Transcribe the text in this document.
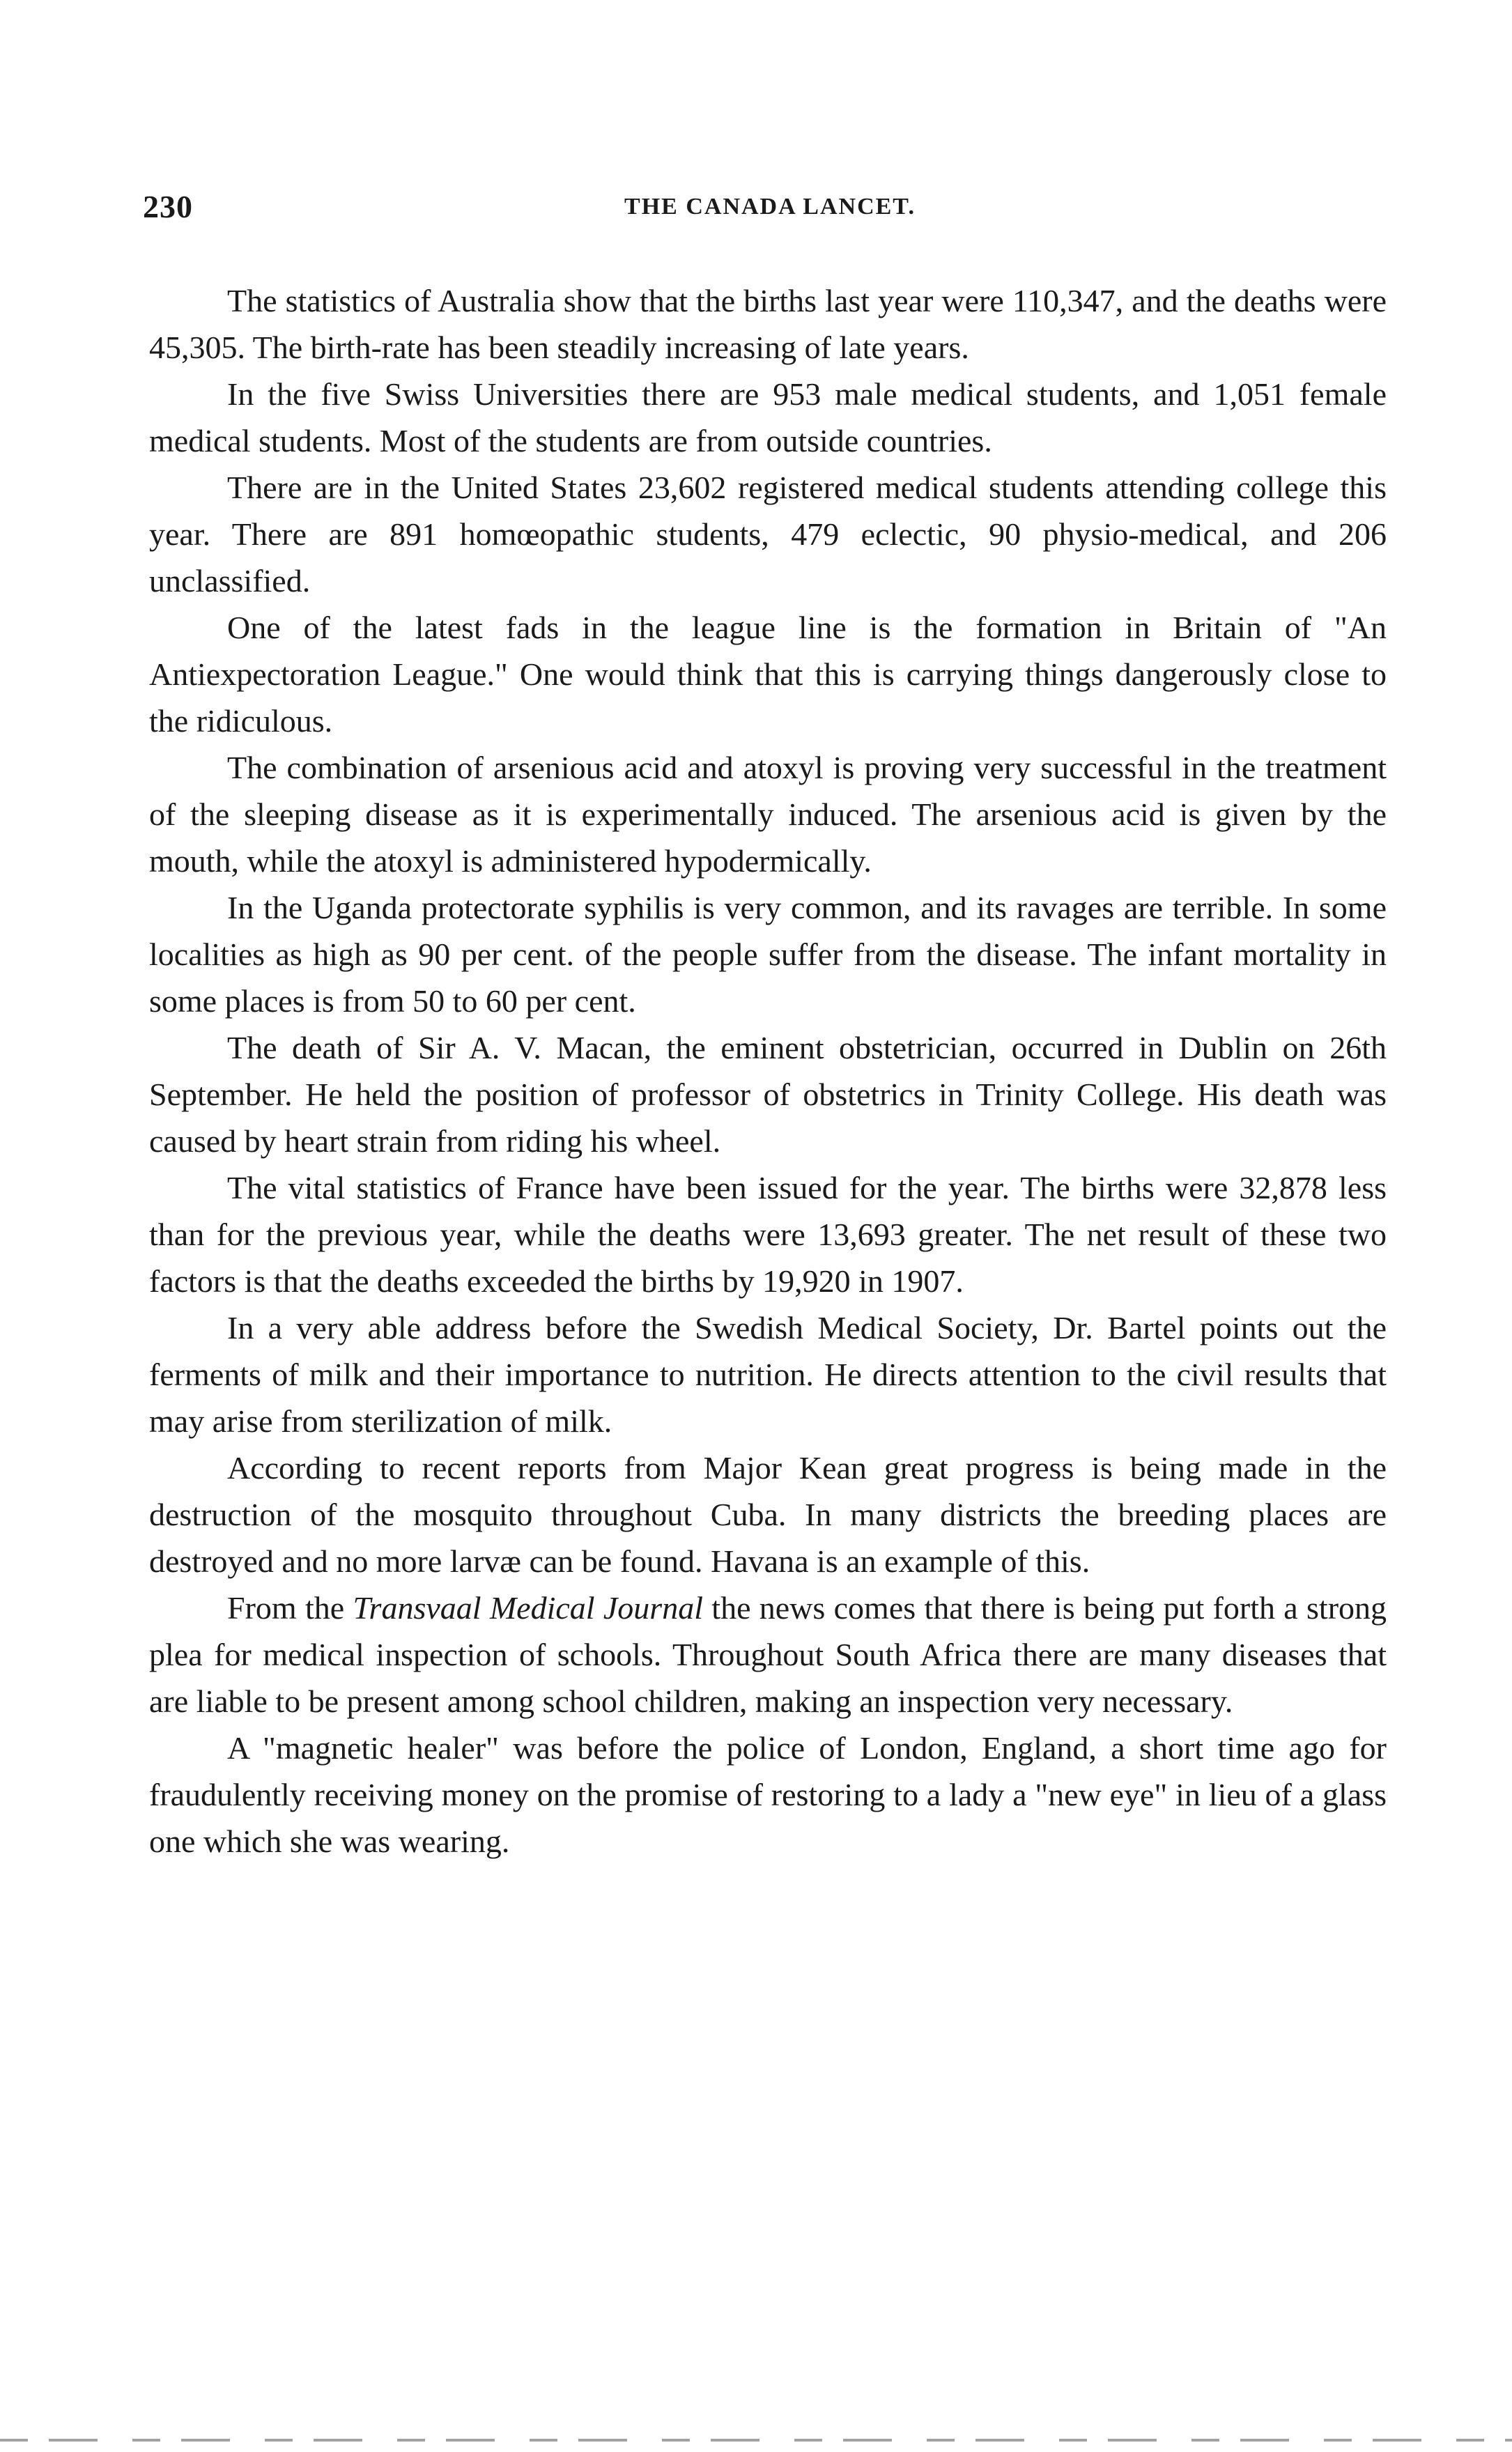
230	THE CANADA LANCET.

The statistics of Australia show that the births last year were 110,347, and the deaths were 45,305. The birth-rate has been steadily increasing of late years.

In the five Swiss Universities there are 953 male medical students, and 1,051 female medical students. Most of the students are from outside countries.

There are in the United States 23,602 registered medical students attending college this year. There are 891 homœopathic students, 479 eclectic, 90 physio-medical, and 206 unclassified.

One of the latest fads in the league line is the formation in Britain of "An Antiexpectoration League." One would think that this is carrying things dangerously close to the ridiculous.

The combination of arsenious acid and atoxyl is proving very successful in the treatment of the sleeping disease as it is experimentally induced. The arsenious acid is given by the mouth, while the atoxyl is administered hypodermically.

In the Uganda protectorate syphilis is very common, and its ravages are terrible. In some localities as high as 90 per cent. of the people suffer from the disease. The infant mortality in some places is from 50 to 60 per cent.

The death of Sir A. V. Macan, the eminent obstetrician, occurred in Dublin on 26th September. He held the position of professor of obstetrics in Trinity College. His death was caused by heart strain from riding his wheel.

The vital statistics of France have been issued for the year. The births were 32,878 less than for the previous year, while the deaths were 13,693 greater. The net result of these two factors is that the deaths exceeded the births by 19,920 in 1907.

In a very able address before the Swedish Medical Society, Dr. Bartel points out the ferments of milk and their importance to nutrition. He directs attention to the civil results that may arise from sterilization of milk.

According to recent reports from Major Kean great progress is being made in the destruction of the mosquito throughout Cuba. In many districts the breeding places are destroyed and no more larvæ can be found. Havana is an example of this.

From the Transvaal Medical Journal the news comes that there is being put forth a strong plea for medical inspection of schools. Throughout South Africa there are many diseases that are liable to be present among school children, making an inspection very necessary.

A "magnetic healer" was before the police of London, England, a short time ago for fraudulently receiving money on the promise of restoring to a lady a "new eye" in lieu of a glass one which she was wearing.
